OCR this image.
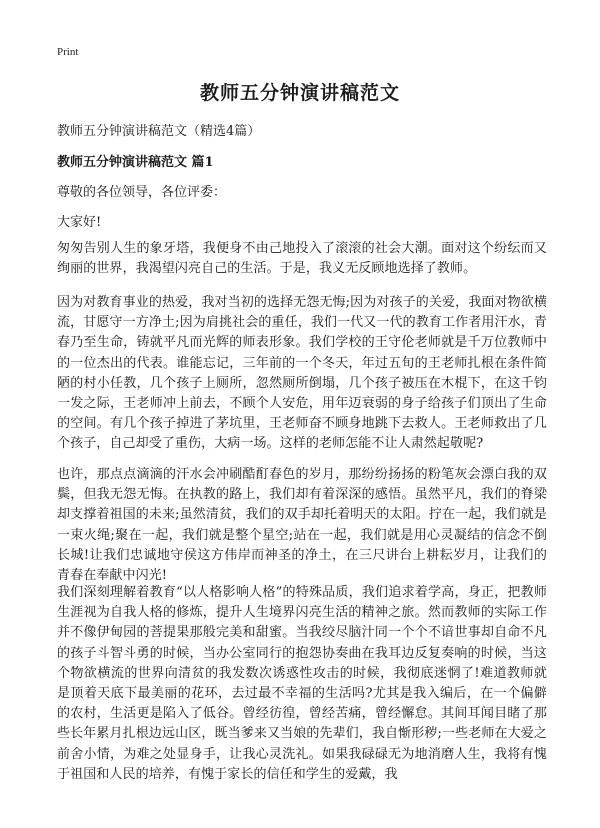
Print
教师五分钟演讲稿范文
教师五分钟演讲稿范文（精选4篇）
教师五分钟演讲稿范文 篇1
尊敬的各位领导，各位评委：
大家好!

匆匆告别人生的象牙塔，我便身不由己地投入了滚滚的社会大潮。面对这个纷纭而又绚丽的世界，我渴望闪亮自己的生活。于是，我义无反顾地选择了教师。

因为对教育事业的热爱，我对当初的选择无怨无悔;因为对孩子的关爱，我面对物欲横流，甘愿守一方净土;因为肩挑社会的重任，我们一代又一代的教育工作者用汗水，青春乃至生命，铸就平凡而光辉的师表形象。我们学校的王守伦老师就是千万位教师中的一位杰出的代表。谁能忘记，三年前的一个冬天，年过五旬的王老师扎根在条件简陋的村小任教，几个孩子上厕所，忽然厕所倒塌，几个孩子被压在木棍下，在这千钧一发之际，王老师冲上前去，不顾个人安危，用年迈衰弱的身子给孩子们顶出了生命的空间。有几个孩子掉进了茅坑里，王老师奋不顾身地跳下去救人。王老师救出了几个孩子，自己却受了重伤，大病一场。这样的老师怎能不让人肃然起敬呢?

也许，那点点滴滴的汗水会冲刷酷酊春色的岁月，那纷纷扬扬的粉笔灰会漂白我的双鬓，但我无怨无悔。在执教的路上，我们却有着深深的感悟。虽然平凡，我们的脊梁却支撑着祖国的未来;虽然清贫，我们的双手却托着明天的太阳。拧在一起，我们就是一束火绳;聚在一起，我们就是整个星空;站在一起，我们就是用心灵凝结的信念不倒长城!让我们忠诚地守侯这方伟岸而神圣的净土，在三尺讲台上耕耘岁月，让我们的青春在奉献中闪光!

我们深刻理解着教育“以人格影响人格”的特殊品质，我们追求着学高，身正，把教师生涯视为自我人格的修炼，提升人生境界闪亮生活的精神之旅。然而教师的实际工作并不像伊甸园的菩提果那般完美和甜蜜。当我绞尽脑汁同一个个不谙世事却自命不凡的孩子斗智斗勇的时候，当办公室同行的抱怨协奏曲在我耳边反复奏响的时候，当这个物欲横流的世界向清贫的我发数次诱惑性攻击的时候，我彻底迷惘了!难道教师就是顶着天底下最美丽的花环，去过最不幸福的生活吗?尤其是我入编后，在一个偏僻的农村，生活更是陷入了低谷。曾经彷徨，曾经苦痛，曾经懈怠。其间耳闻目睹了那些长年累月扎根边远山区，既当爹来又当娘的先辈们，我自惭形秽;一些老师在大爱之前舍小情，为难之处显身手，让我心灵洗礼。如果我碌碌无为地消磨人生，我将有愧于祖国和人民的培养，有愧于家长的信任和学生的爱戴，我
